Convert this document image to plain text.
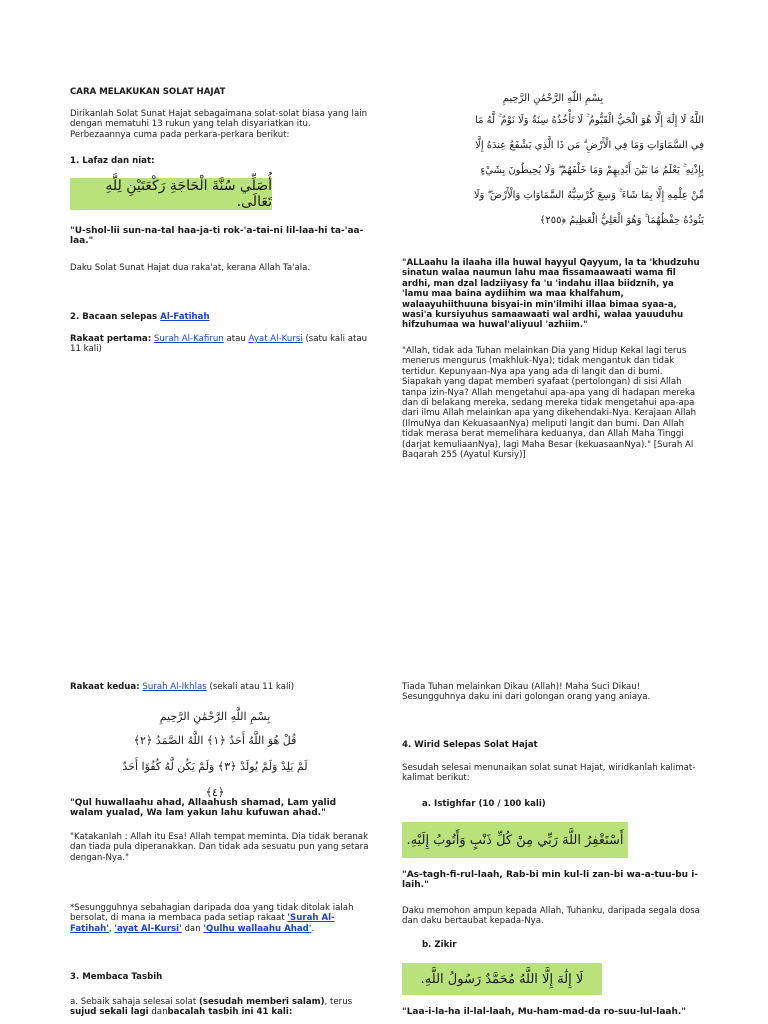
CARA MELAKUKAN SOLAT HAJAT
Dirikanlah Solat Sunat Hajat sebagaimana solat-solat biasa yang lain dengan mematuhi 13 rukun yang telah disyariatkan itu. Perbezaannya cuma pada perkara-perkara berikut:
1. Lafaz dan niat:
أُصَلِّي سُنَّةَ الْحَاجَةِ رَكْعَتَيْنِ لِلَّهِ تَعَالَى.
"U-shol-lii sun-na-tal haa-ja-ti rok-'a-tai-ni lil-laa-hi ta-'aa-laa."
Daku Solat Sunat Hajat dua raka'at, kerana Allah Ta'ala.
2. Bacaan selepas Al-Fatihah
Rakaat pertama: Surah Al-Kafirun atau Ayat Al-Kursi (satu kali atau 11 kali)
Rakaat kedua: Surah Al-Ikhlas (sekali atau 11 kali)
بِسْمِ اللَّهِ الرَّحْمَٰنِ الرَّحِيمِ
قُلْ هُوَ اللَّهُ أَحَدٌ ﴿١﴾ اللَّهُ الصَّمَدُ ﴿٢﴾
لَمْ يَلِدْ وَلَمْ يُولَدْ ﴿٣﴾ وَلَمْ يَكُن لَّهُ كُفُوًا أَحَدٌ ﴿٤﴾
"Qul huwallaahu ahad, Allaahush shamad, Lam yalid walam yualad, Wa lam yakun lahu kufuwan ahad."
"Katakanlah : Allah itu Esa! Allah tempat meminta. Dia tidak beranak dan tiada pula diperanakkan. Dan tidak ada sesuatu pun yang setara dengan-Nya."
*Sesungguhnya sebahagian daripada doa yang tidak ditolak ialah bersolat, di mana ia membaca pada setiap rakaat 'Surah Al-Fatihah', 'ayat Al-Kursi' dan 'Qulhu wallaahu Ahad'.
3. Membaca Tasbih
a. Sebaik sahaja selesai solat (sesudah memberi salam), terus sujud sekali lagi danbacalah tasbih ini 41 kali:
بِسْمِ اللَّهِ الرَّحْمَٰنِ الرَّحِيمِ
اللَّهُ لَا إِلَٰهَ إِلَّا هُوَ الْحَيُّ الْقَيُّومُ ۚ لَا تَأْخُذُهُ سِنَةٌ وَلَا نَوْمٌ ۚ لَّهُ مَا
فِي السَّمَاوَاتِ وَمَا فِي الْأَرْضِ ۗ مَن ذَا الَّذِي يَشْفَعُ عِندَهُ إِلَّا
بِإِذْنِهِ ۚ يَعْلَمُ مَا بَيْنَ أَيْدِيهِمْ وَمَا خَلْفَهُمْ ۖ وَلَا يُحِيطُونَ بِشَيْءٍ
مِّنْ عِلْمِهِ إِلَّا بِمَا شَاءَ ۚ وَسِعَ كُرْسِيُّهُ السَّمَاوَاتِ وَالْأَرْضَ ۖ وَلَا
يَئُودُهُ حِفْظُهُمَا ۚ وَهُوَ الْعَلِيُّ الْعَظِيمُ ﴿٢٥٥﴾
"ALLaahu la ilaaha illa huwal hayyul Qayyum, la ta 'khudzuhu sinatun walaa naumun lahu maa fissamaawaati wama fil ardhi, man dzal ladziiyasy fa 'u 'indahu illaa biidznih, ya 'lamu maa baina aydiihim wa maa khalfahum, walaayuhiithuuna bisyai-in min'ilmihi illaa bimaa syaa-a, wasi'a kursiyuhus samaawaati wal ardhi, walaa yauuduhu hifzuhumaa wa huwal'aliyuul 'azhiim."
"Allah, tidak ada Tuhan melainkan Dia yang Hidup Kekal lagi terus menerus mengurus (makhluk-Nya); tidak mengantuk dan tidak tertidur. Kepunyaan-Nya apa yang ada di langit dan di bumi. Siapakah yang dapat memberi syafaat (pertolongan) di sisi Allah tanpa izin-Nya? Allah mengetahui apa-apa yang di hadapan mereka dan di belakang mereka, sedang mereka tidak mengetahui apa-apa dari ilmu Allah melainkan apa yang dikehendaki-Nya. Kerajaan Allah (IlmuNya dan KekuasaanNya) meliputi langit dan bumi. Dan Allah tidak merasa berat memelihara keduanya, dan Allah Maha Tinggi (darjat kemuliaanNya), lagi Maha Besar (kekuasaanNya)." [Surah Al Baqarah 255 (Ayatul Kursiy)]
Tiada Tuhan melainkan Dikau (Allah)! Maha Suci Dikau! Sesungguhnya daku ini dari golongan orang yang aniaya.
4. Wirid Selepas Solat Hajat
Sesudah selesai menunaikan solat sunat Hajat, wiridkanlah kalimat-kalimat berikut:
a. Istighfar (10 / 100 kali)
أَسْتَغْفِرُ اللَّهَ رَبِّي مِنْ كُلِّ ذَنْبٍ وَأَتُوبُ إِلَيْهِ.
"As-tagh-fi-rul-laah, Rab-bi min kul-li zan-bi wa-a-tuu-bu i-laih."
Daku memohon ampun kepada Allah, Tuhanku, daripada segala dosa dan daku bertaubat kepada-Nya.
b. Zikir
لَا إِلَٰهَ إِلَّا اللَّهُ مُحَمَّدٌ رَسُولُ اللَّهِ.
"Laa-i-la-ha il-lal-laah, Mu-ham-mad-da ro-suu-lul-laah."
